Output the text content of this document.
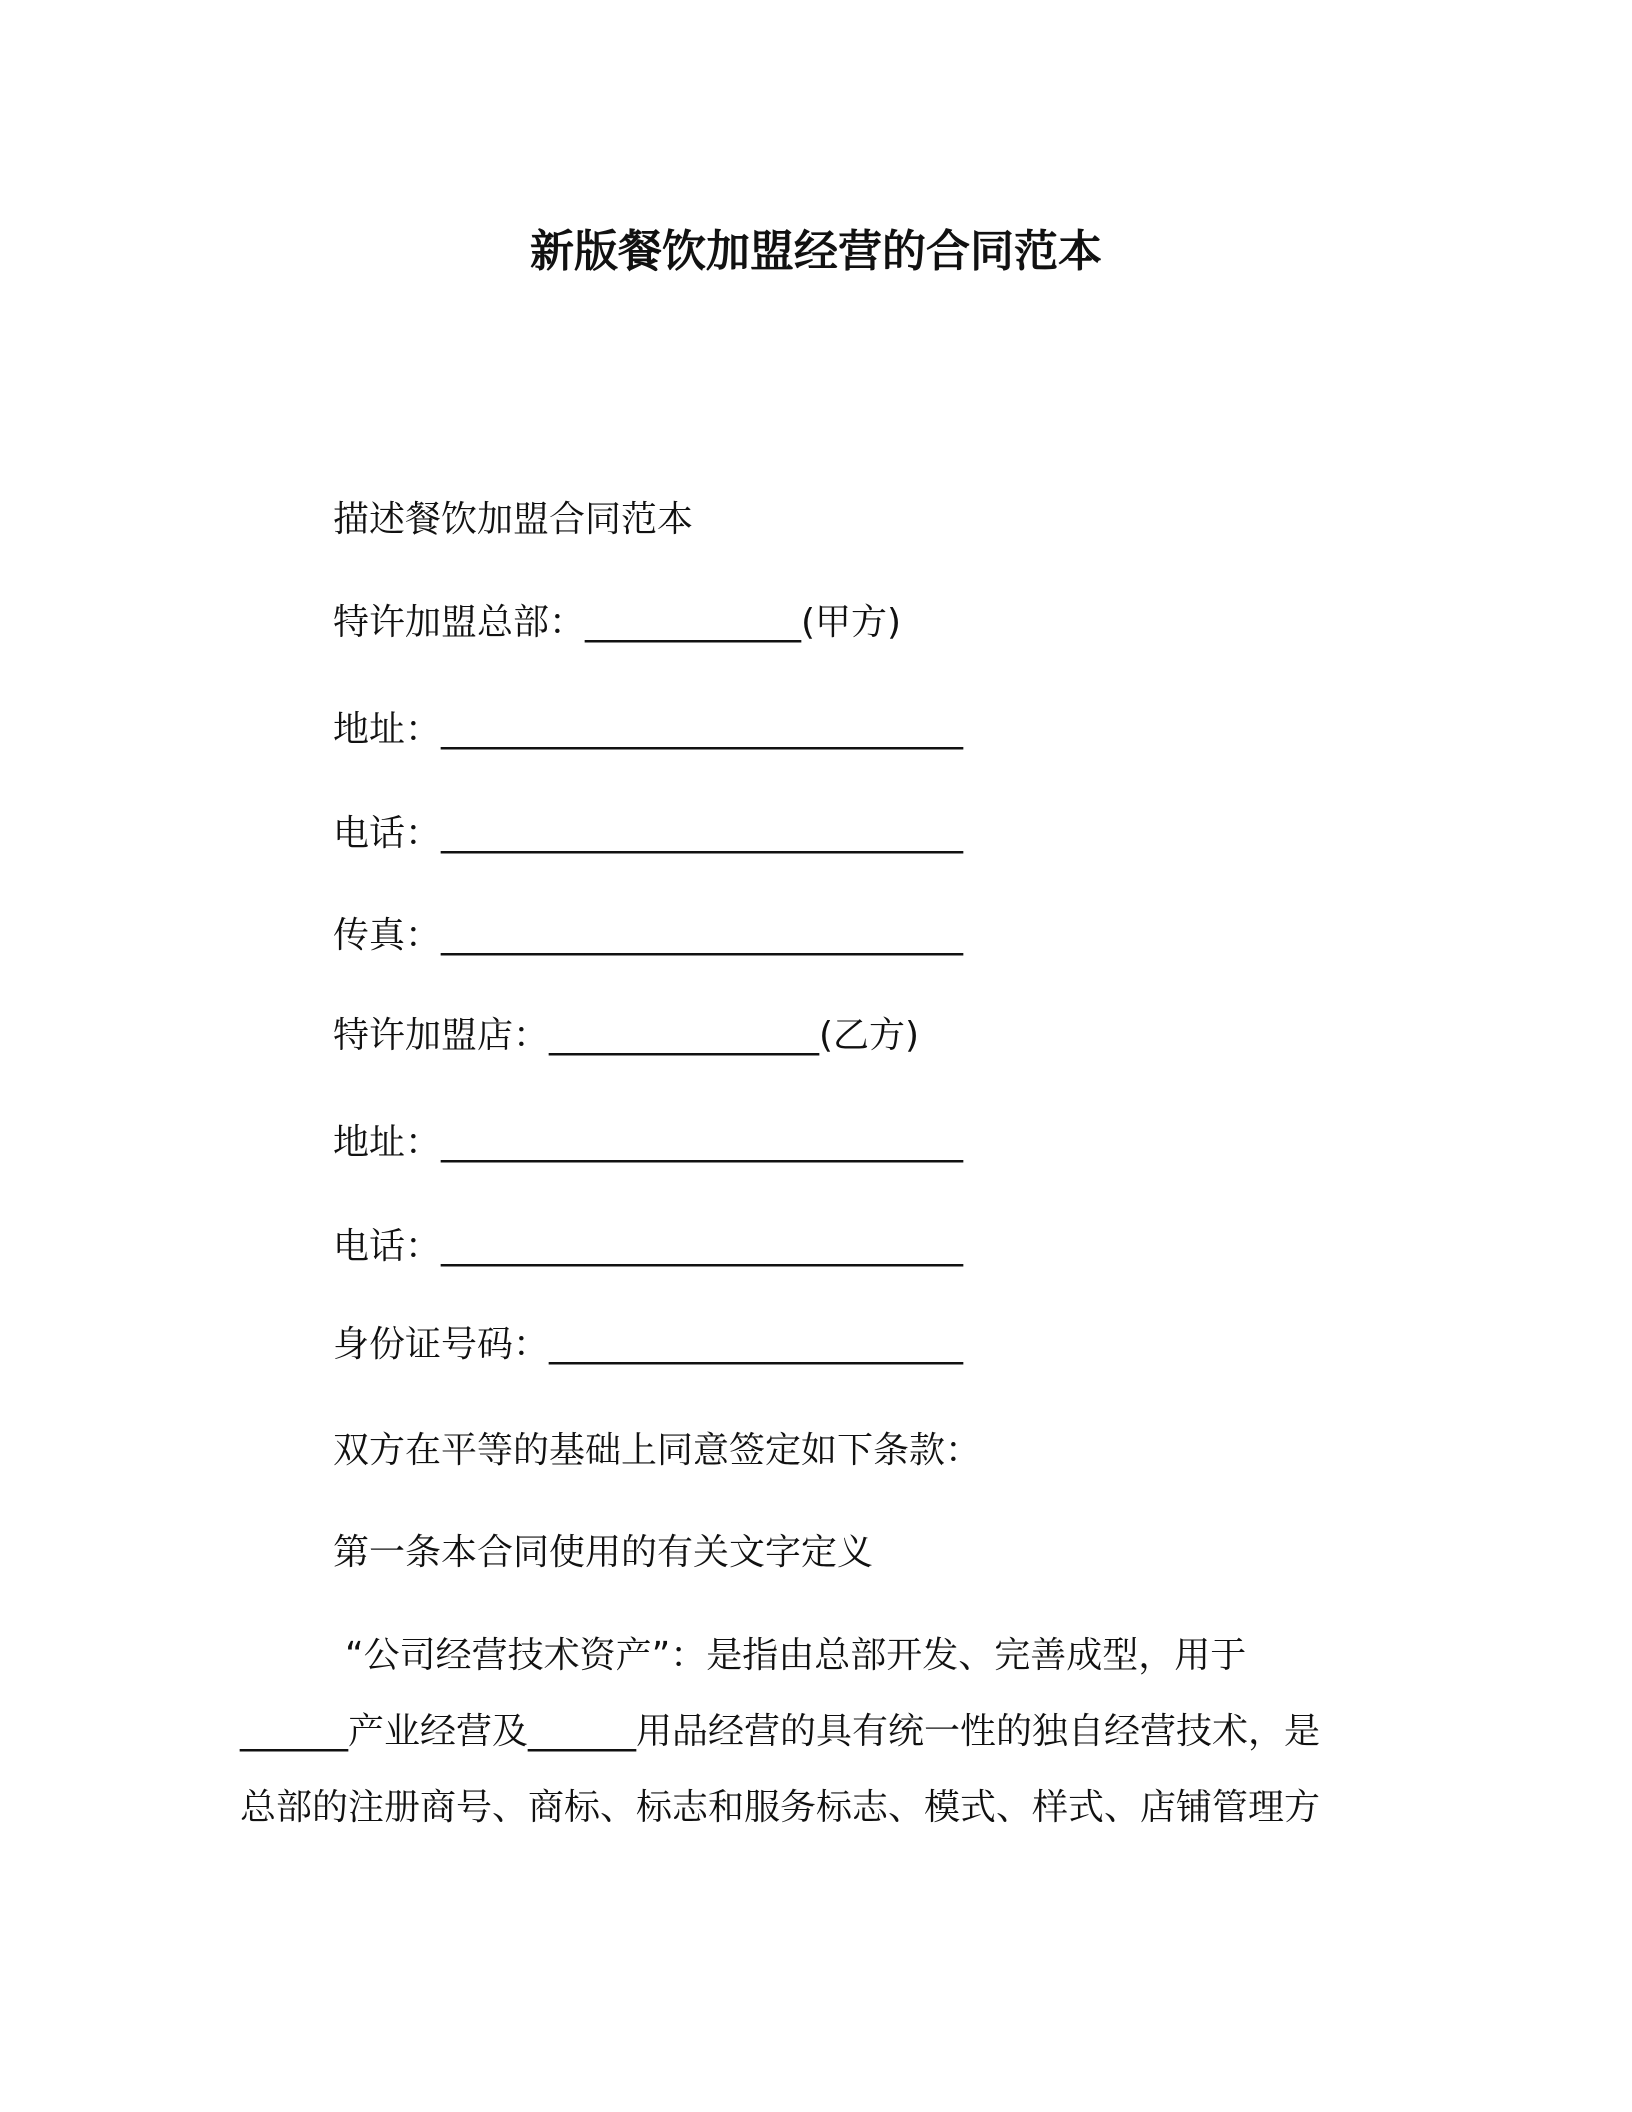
新版餐饮加盟经营的合同范本
描述餐饮加盟合同范本
特许加盟总部：____________(甲方)
地址：_____________________________
电话：_____________________________
传真：_____________________________
特许加盟店：_______________(乙方)
地址：_____________________________
电话：_____________________________
身份证号码：_______________________
双方在平等的基础上同意签定如下条款：
第一条本合同使用的有关文字定义
“公司经营技术资产”：是指由总部开发、完善成型，用于
______产业经营及______用品经营的具有统一性的独自经营技术，是
总部的注册商号、商标、标志和服务标志、模式、样式、店铺管理方
